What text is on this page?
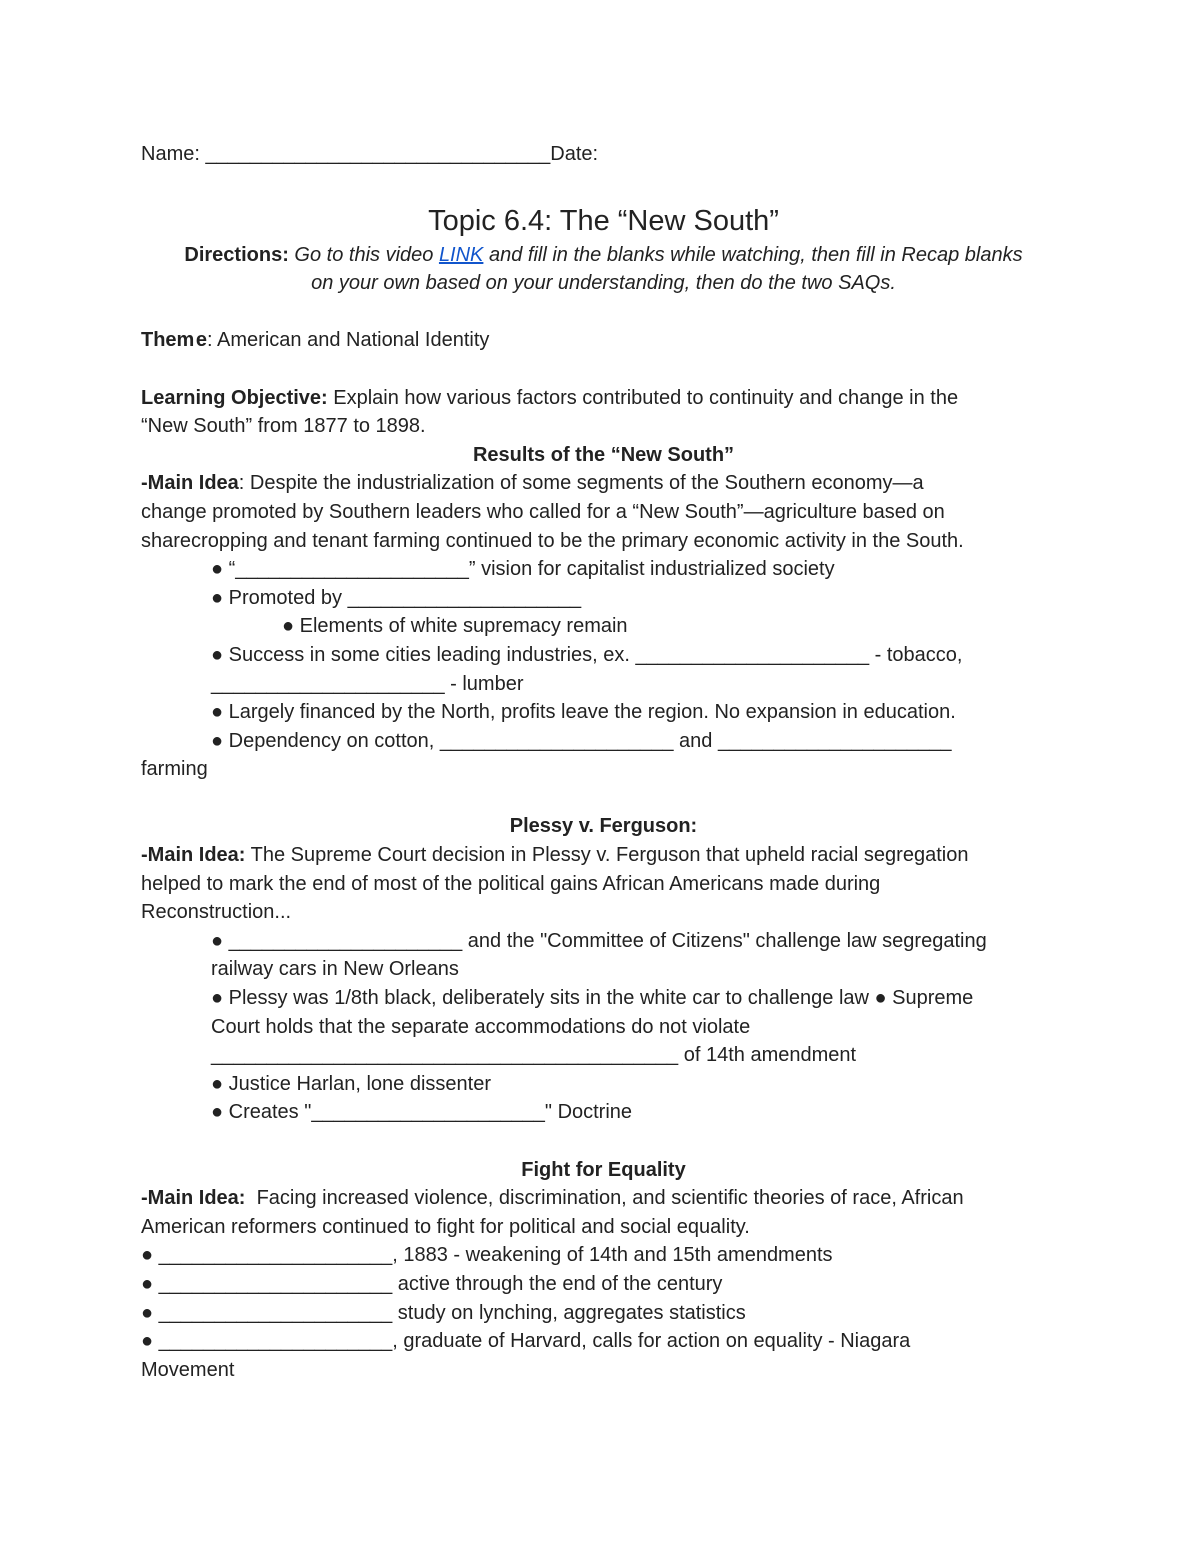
Name: _______________________________Date:

Topic 6.4: The “New South”

Directions: Go to this video LINK and fill in the blanks while watching, then fill in Recap blanks

on your own based on your understanding, then do the two SAQs.

Them e: American and National Identity

Learning Objective: Explain how various factors contributed to continuity and change in the

“New South” from 1877 to 1898.

Results of the “New South”

-Main Idea: Despite the industrialization of some segments of the Southern economy—a

change promoted by Southern leaders who called for a “New South”—agriculture based on

sharecropping and tenant farming continued to be the primary economic activity in the South.

● “_____________________” vision for capitalist industrialized society

● Promoted by _____________________

● Elements of white supremacy remain

● Success in some cities leading industries, ex. _____________________ - tobacco,

_____________________ - lumber

● Largely financed by the North, profits leave the region. No expansion in education.

● Dependency on cotton, _____________________ and _____________________

farming

Plessy v. Ferguson:

-Main Idea: The Supreme Court decision in Plessy v. Ferguson that upheld racial segregation

helped to mark the end of most of the political gains African Americans made during

Reconstruction...

● _____________________ and the "Committee of Citizens" challenge law segregating

railway cars in New Orleans

● Plessy was 1/8th black, deliberately sits in the white car to challenge law ● Supreme

Court holds that the separate accommodations do not violate

__________________________________________ of 14th amendment

● Justice Harlan, lone dissenter

● Creates "_____________________" Doctrine

Fight for Equality

-Main Idea:  Facing increased violence, discrimination, and scientific theories of race, African

American reformers continued to fight for political and social equality.

● _____________________, 1883 - weakening of 14th and 15th amendments

● _____________________ active through the end of the century

● _____________________ study on lynching, aggregates statistics

● _____________________, graduate of Harvard, calls for action on equality - Niagara

Movement
